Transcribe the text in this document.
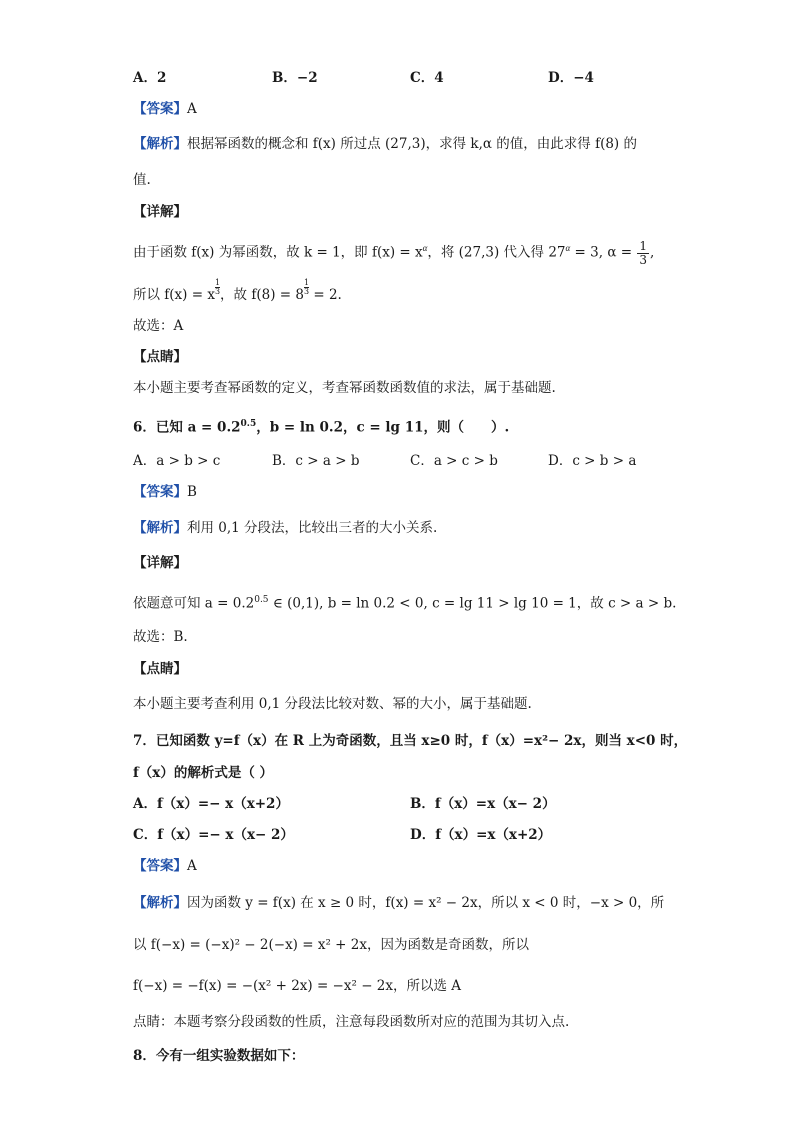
A．2	B．−2	C．4	D．−4
【答案】A
【解析】根据幂函数的概念和 f(x) 所过点 (27,3)，求得 k,α 的值，由此求得 f(8) 的
值.
【详解】
由于函数 f(x) 为幂函数，故 k = 1，即 $f(x) = x^\alpha$，将 (27,3) 代入得 $27^\alpha = 3$, $\alpha = \frac{1}{3}$ ,
所以 f(x) = x $\frac{1}{3}$ ，故 $f(8) = 8 \frac{1}{3} = 2$.
故选：A
【点睛】
本小题主要考查幂函数的定义，考查幂函数函数值的求法，属于基础题.
6．已知 $a = 0.2^{0.5}$，b = ln 0.2，c = lg 11，则（　　）.
A．a > b > c	B．c > a > b	C．a > c > b	D．c > b > a
【答案】B
【解析】利用 0,1 分段法，比较出三者的大小关系.
【详解】
依题意可知 $a = 0.2^{0.5}$ ∈ (0,1), b = ln 0.2 < 0, c = lg 11 > lg 10 = 1，故 c > a > b.
故选：B.
【点睛】
本小题主要考查利用 0,1 分段法比较对数、幂的大小，属于基础题.
7．已知函数 y=f（x）在 R 上为奇函数，且当 x≥0 时，f（x）=x²− 2x，则当 x<0 时，
f（x）的解析式是（ ）
A．f（x）=− x（x+2）	B．f（x）=x（x− 2）
C．f（x）=− x（x− 2）	D．f（x）=x（x+2）
【答案】A
【解析】因为函数 y = f(x) 在 x ≥ 0 时，f(x) = x² − 2x，所以 x < 0 时，−x > 0，所
以 f(−x) = (−x)² − 2(−x) = x² + 2x，因为函数是奇函数，所以
f(−x) = −f(x) = −(x² + 2x) = −x² − 2x，所以选 A
点睛：本题考察分段函数的性质，注意每段函数所对应的范围为其切入点.
8．今有一组实验数据如下：
